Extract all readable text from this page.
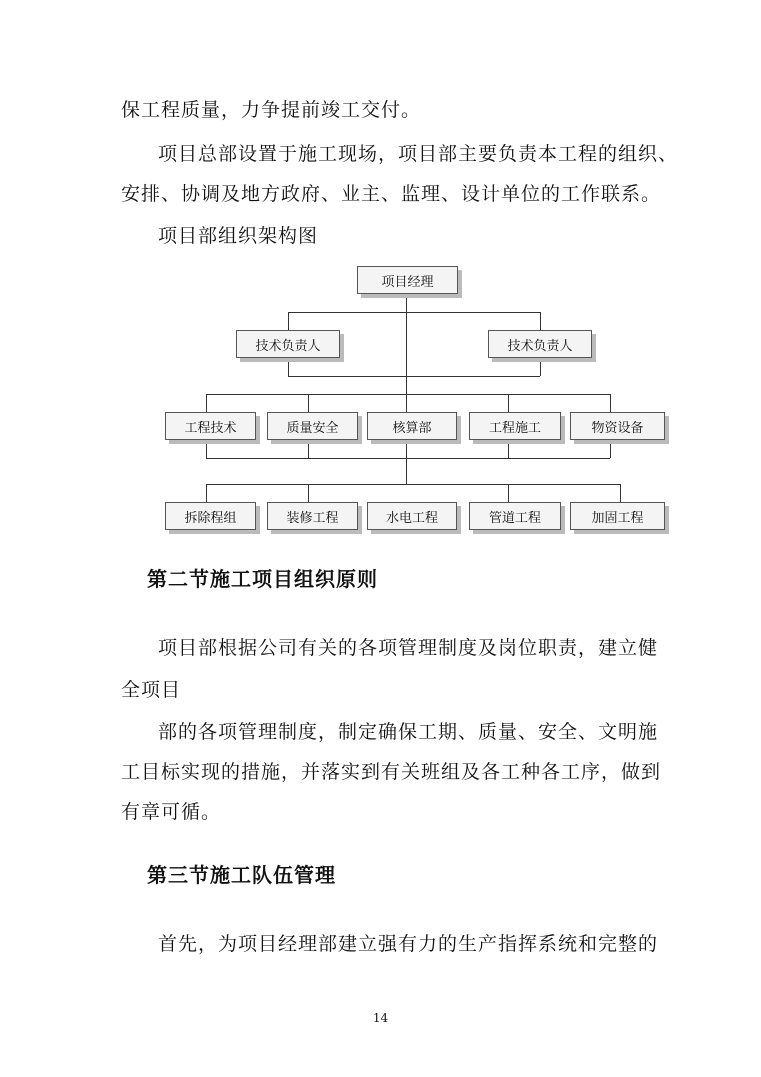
保工程质量，力争提前竣工交付。
项目总部设置于施工现场，项目部主要负责本工程的组织、
安排、协调及地方政府、业主、监理、设计单位的工作联系。
项目部组织架构图
项目经理
技术负责人	技术负责人
工程技术	质量安全	核算部	工程施工	物资设备
拆除程组	装修工程	水电工程	管道工程	加固工程
第二节施工项目组织原则
项目部根据公司有关的各项管理制度及岗位职责，建立健
全项目
部的各项管理制度，制定确保工期、质量、安全、文明施
工目标实现的措施，并落实到有关班组及各工种各工序，做到
有章可循。
第三节施工队伍管理
首先，为项目经理部建立强有力的生产指挥系统和完整的
14
